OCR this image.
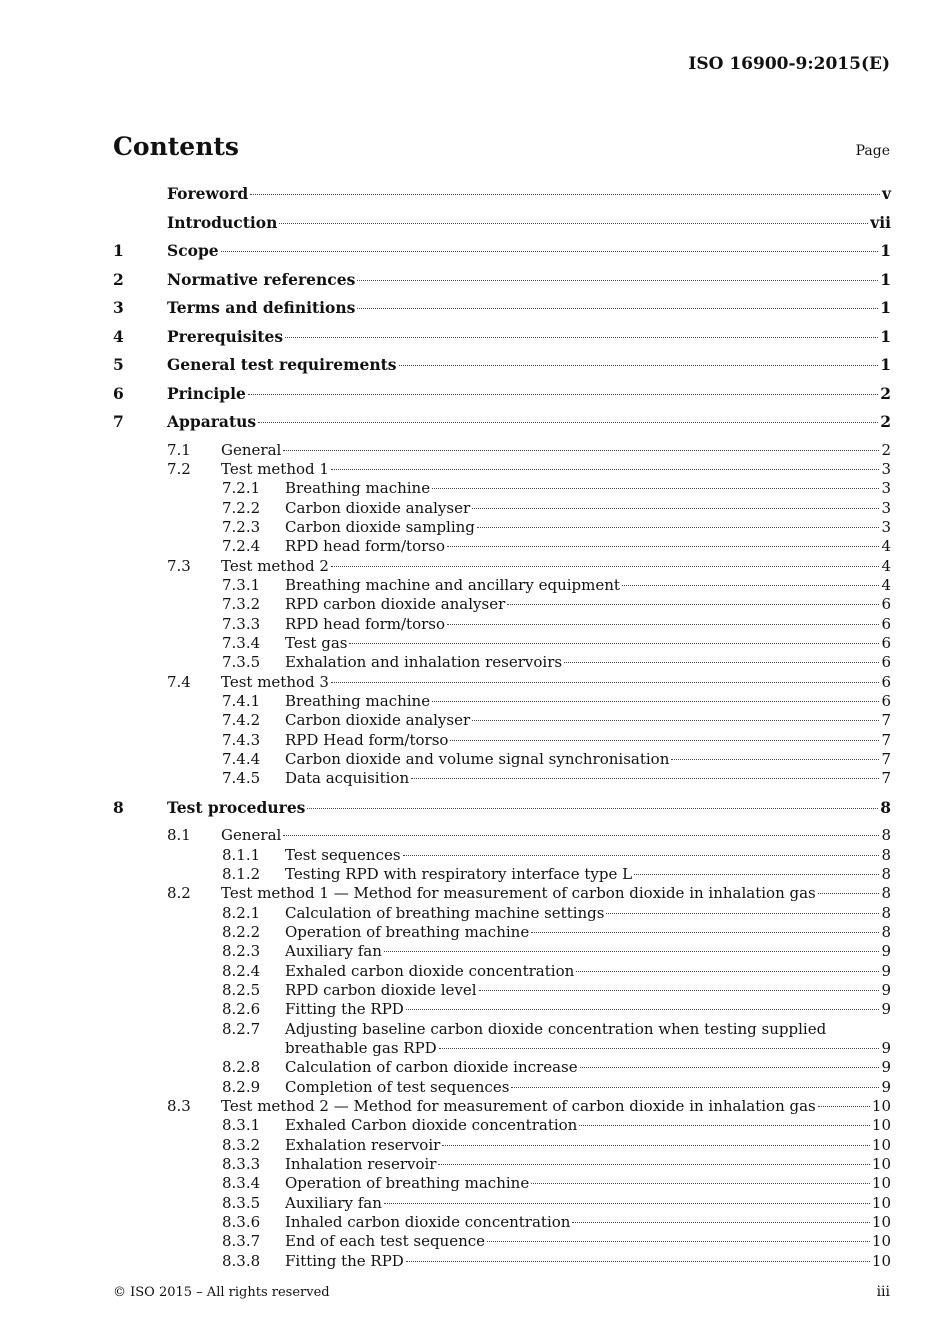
ISO 16900-9:2015(E)
Contents	Page
Foreword	v
Introduction	vii
1	Scope	1
2	Normative references	1
3	Terms and definitions	1
4	Prerequisites	1
5	General test requirements	1
6	Principle	2
7	Apparatus	2
7.1	General	2
7.2	Test method 1	3
7.2.1	Breathing machine	3
7.2.2	Carbon dioxide analyser	3
7.2.3	Carbon dioxide sampling	3
7.2.4	RPD head form/torso	4
7.3	Test method 2	4
7.3.1	Breathing machine and ancillary equipment	4
7.3.2	RPD carbon dioxide analyser	6
7.3.3	RPD head form/torso	6
7.3.4	Test gas	6
7.3.5	Exhalation and inhalation reservoirs	6
7.4	Test method 3	6
7.4.1	Breathing machine	6
7.4.2	Carbon dioxide analyser	7
7.4.3	RPD Head form/torso	7
7.4.4	Carbon dioxide and volume signal synchronisation	7
7.4.5	Data acquisition	7
8	Test procedures	8
8.1	General	8
8.1.1	Test sequences	8
8.1.2	Testing RPD with respiratory interface type L	8
8.2	Test method 1 — Method for measurement of carbon dioxide in inhalation gas	8
8.2.1	Calculation of breathing machine settings	8
8.2.2	Operation of breathing machine	8
8.2.3	Auxiliary fan	9
8.2.4	Exhaled carbon dioxide concentration	9
8.2.5	RPD carbon dioxide level	9
8.2.6	Fitting the RPD	9
8.2.7	Adjusting baseline carbon dioxide concentration when testing supplied
breathable gas RPD	9
8.2.8	Calculation of carbon dioxide increase	9
8.2.9	Completion of test sequences	9
8.3	Test method 2 — Method for measurement of carbon dioxide in inhalation gas	10
8.3.1	Exhaled Carbon dioxide concentration	10
8.3.2	Exhalation reservoir	10
8.3.3	Inhalation reservoir	10
8.3.4	Operation of breathing machine	10
8.3.5	Auxiliary fan	10
8.3.6	Inhaled carbon dioxide concentration	10
8.3.7	End of each test sequence	10
8.3.8	Fitting the RPD	10
© ISO 2015 – All rights reserved	iii
